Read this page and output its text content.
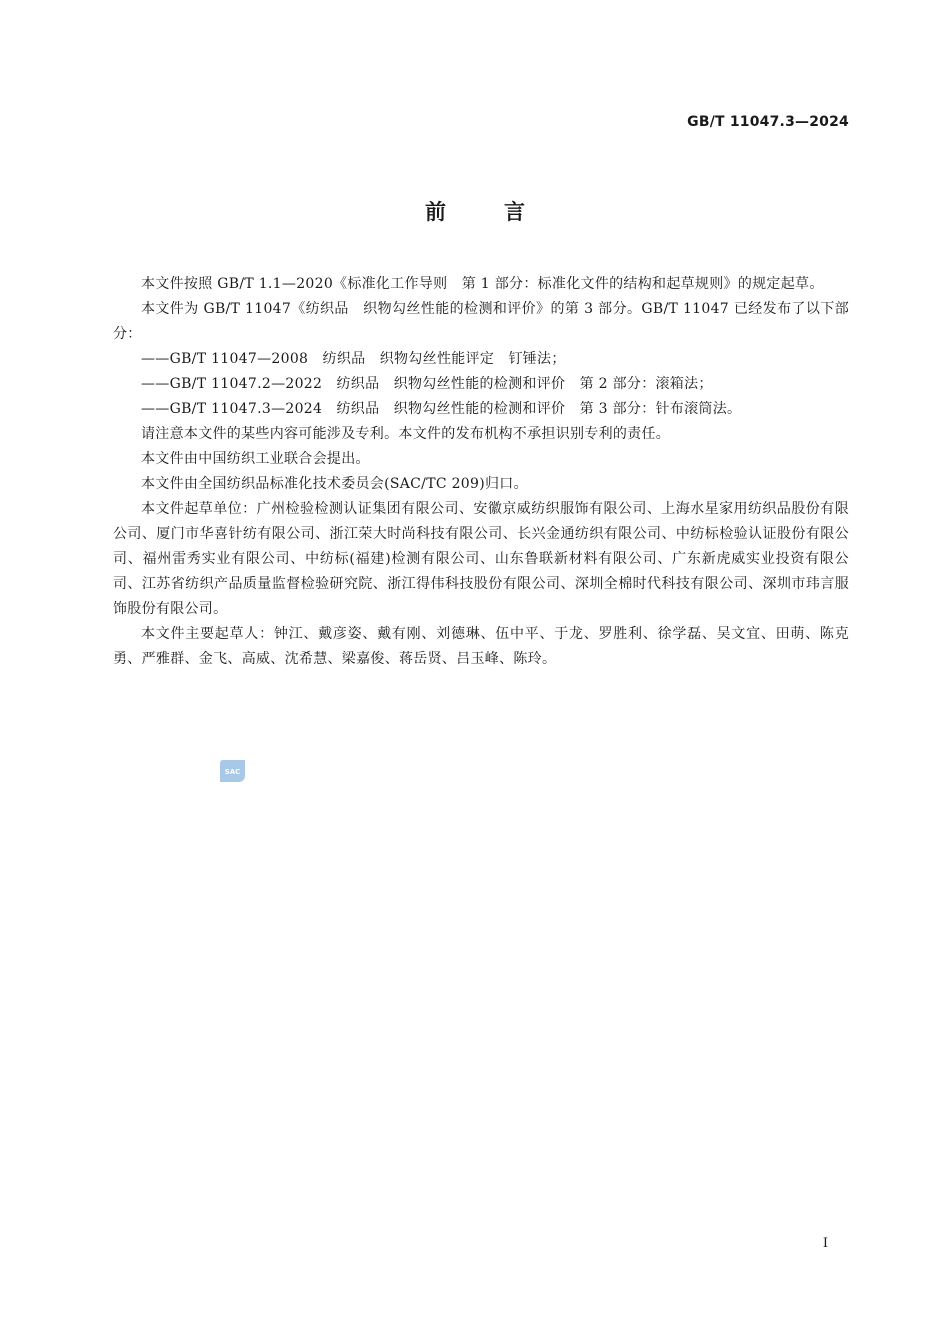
GB/T 11047.3—2024
前言

本文件按照 GB/T 1.1—2020《标准化工作导则　第 1 部分：标准化文件的结构和起草规则》的规定起草。

本文件为 GB/T 11047《纺织品　织物勾丝性能的检测和评价》的第 3 部分。GB/T 11047 已经发布了以下部分：

——GB/T 11047—2008　纺织品　织物勾丝性能评定　钉锤法；

——GB/T 11047.2—2022　纺织品　织物勾丝性能的检测和评价　第 2 部分：滚箱法；

——GB/T 11047.3—2024　纺织品　织物勾丝性能的检测和评价　第 3 部分：针布滚筒法。

请注意本文件的某些内容可能涉及专利。本文件的发布机构不承担识别专利的责任。

本文件由中国纺织工业联合会提出。

本文件由全国纺织品标准化技术委员会(SAC/TC 209)归口。

本文件起草单位：广州检验检测认证集团有限公司、安徽京威纺织服饰有限公司、上海水星家用纺织品股份有限公司、厦门市华喜针纺有限公司、浙江荣大时尚科技有限公司、长兴金通纺织有限公司、中纺标检验认证股份有限公司、福州雷秀实业有限公司、中纺标(福建)检测有限公司、山东鲁联新材料有限公司、广东新虎威实业投资有限公司、江苏省纺织产品质量监督检验研究院、浙江得伟科技股份有限公司、深圳全棉时代科技有限公司、深圳市玮言服饰股份有限公司。

本文件主要起草人：钟江、戴彦姿、戴有刚、刘德琳、伍中平、于龙、罗胜利、徐学磊、吴文宜、田萌、陈克勇、严雅群、金飞、高威、沈希慧、梁嘉俊、蒋岳贤、吕玉峰、陈玲。

SAC
I
